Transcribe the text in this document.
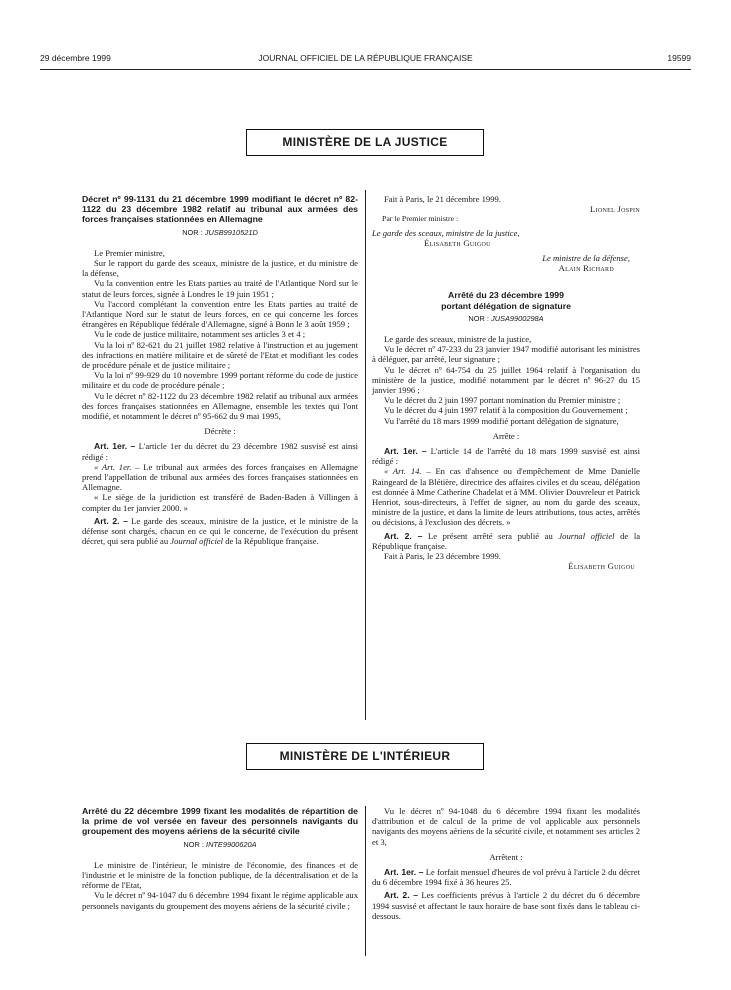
29 décembre 1999	JOURNAL OFFICIEL DE LA RÉPUBLIQUE FRANÇAISE	19599
MINISTÈRE DE LA JUSTICE
Décret nº 99-1131 du 21 décembre 1999 modifiant le décret nº 82-1122 du 23 décembre 1982 relatif au tribunal aux armées des forces françaises stationnées en Allemagne
NOR : JUSB9910521D

Le Premier ministre,

Sur le rapport du garde des sceaux, ministre de la justice, et du ministre de la défense,

Vu la convention entre les Etats parties au traité de l'Atlantique Nord sur le statut de leurs forces, signée à Londres le 19 juin 1951 ;

Vu l'accord complétant la convention entre les Etats parties au traité de l'Atlantique Nord sur le statut de leurs forces, en ce qui concerne les forces étrangères en République fédérale d'Allemagne, signé à Bonn le 3 août 1959 ;

Vu le code de justice militaire, notamment ses articles 3 et 4 ;

Vu la loi nº 82-621 du 21 juillet 1982 relative à l'instruction et au jugement des infractions en matière militaire et de sûreté de l'Etat et modifiant les codes de procédure pénale et de justice militaire ;

Vu la loi nº 99-929 du 10 novembre 1999 portant réforme du code de justice militaire et du code de procédure pénale ;

Vu le décret nº 82-1122 du 23 décembre 1982 relatif au tribunal aux armées des forces françaises stationnées en Allemagne, ensemble les textes qui l'ont modifié, et notamment le décret nº 95-662 du 9 mai 1995,

Décrète :

Art. 1er. – L'article 1er du décret du 23 décembre 1982 susvisé est ainsi rédigé :

« Art. 1er. – Le tribunal aux armées des forces françaises en Allemagne prend l'appellation de tribunal aux armées des forces françaises stationnées en Allemagne.

« Le siège de la juridiction est transféré de Baden-Baden à Villingen à compter du 1er janvier 2000. »

Art. 2. – Le garde des sceaux, ministre de la justice, et le ministre de la défense sont chargés, chacun en ce qui le concerne, de l'exécution du présent décret, qui sera publié au Journal officiel de la République française.

Fait à Paris, le 21 décembre 1999.

Lionel Jospin

Par le Premier ministre :

Le garde des sceaux, ministre de la justice,

Élisabeth Guigou

Le ministre de la défense,

Alain Richard

Arrêté du 23 décembre 1999
portant délégation de signature
NOR : JUSA9900298A

Le garde des sceaux, ministre de la justice,

Vu le décret nº 47-233 du 23 janvier 1947 modifié autorisant les ministres à déléguer, par arrêté, leur signature ;

Vu le décret nº 64-754 du 25 juillet 1964 relatif à l'organisation du ministère de la justice, modifié notamment par le décret nº 96-27 du 15 janvier 1996 ;

Vu le décret du 2 juin 1997 portant nomination du Premier ministre ;

Vu le décret du 4 juin 1997 relatif à la composition du Gouvernement ;

Vu l'arrêté du 18 mars 1999 modifié portant délégation de signature,

Arrête :

Art. 1er. – L'article 14 de l'arrêté du 18 mars 1999 susvisé est ainsi rédigé :

« Art. 14. – En cas d'absence ou d'empêchement de Mme Danielle Raingeard de la Blétière, directrice des affaires civiles et du sceau, délégation est donnée à Mme Catherine Chadelat et à MM. Olivier Douvreleur et Patrick Henriot, sous-directeurs, à l'effet de signer, au nom du garde des sceaux, ministre de la justice, et dans la limite de leurs attributions, tous actes, arrêtés ou décisions, à l'exclusion des décrets. »

Art. 2. – Le présent arrêté sera publié au Journal officiel de la République française.

Fait à Paris, le 23 décembre 1999.

Élisabeth Guigou

MINISTÈRE DE L'INTÉRIEUR
Arrêté du 22 décembre 1999 fixant les modalités de répartition de la prime de vol versée en faveur des personnels navigants du groupement des moyens aériens de la sécurité civile
NOR : INTE9900620A

Le ministre de l'intérieur, le ministre de l'économie, des finances et de l'industrie et le ministre de la fonction publique, de la décentralisation et de la réforme de l'Etat,

Vu le décret nº 94-1047 du 6 décembre 1994 fixant le régime applicable aux personnels navigants du groupement des moyens aériens de la sécurité civile ;

Vu le décret nº 94-1048 du 6 décembre 1994 fixant les modalités d'attribution et de calcul de la prime de vol applicable aux personnels navigants des moyens aériens de la sécurité civile, et notamment ses articles 2 et 3,

Arrêtent :

Art. 1er. – Le forfait mensuel d'heures de vol prévu à l'article 2 du décret du 6 décembre 1994 fixé à 36 heures 25.

Art. 2. – Les coefficients prévus à l'article 2 du décret du 6 décembre 1994 susvisé et affectant le taux horaire de base sont fixés dans le tableau ci-dessous.
